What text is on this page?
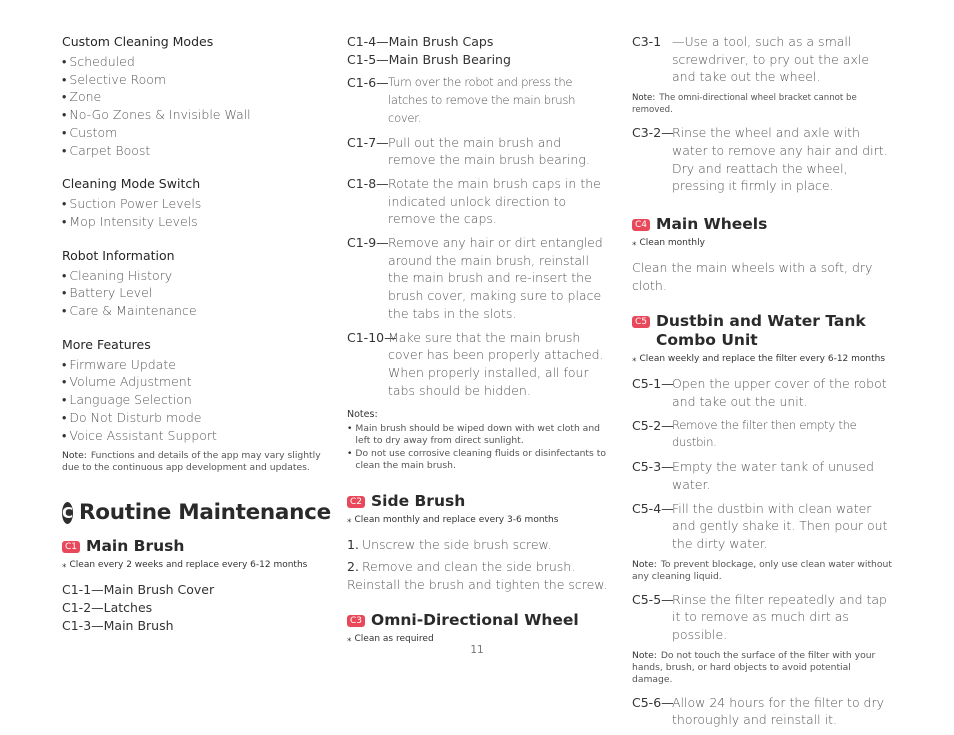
Custom Cleaning Modes
• Scheduled
• Selective Room
• Zone
• No-Go Zones & Invisible Wall
• Custom
• Carpet Boost
Cleaning Mode Switch
• Suction Power Levels
• Mop Intensity Levels
Robot Information
• Cleaning History
• Battery Level
• Care & Maintenance
More Features
• Firmware Update
• Volume Adjustment
• Language Selection
• Do Not Disturb mode
• Voice Assistant Support

Note: Functions and details of the app may vary slightly due to the continuous app development and updates.

C Routine Maintenance
C1 Main Brush
⁎ Clean every 2 weeks and replace every 6-12 months

C1-1—Main Brush Cover

C1-2—Latches

C1-3—Main Brush

C1-4—Main Brush Caps

C1-5—Main Brush Bearing

C1-6— Turn over the robot and press the latches to remove the main brush cover.
C1-7— Pull out the main brush and remove the main brush bearing.
C1-8— Rotate the main brush caps in the indicated unlock direction to remove the caps.
C1-9— Remove any hair or dirt entangled around the main brush, reinstall the main brush and re-insert the brush cover, making sure to place the tabs in the slots.
C1-10—
Make sure that the main brush cover has been properly attached. When properly installed, all four tabs should be hidden.
Notes:
• Main brush should be wiped down with wet cloth and left to dry away from direct sunlight.
• Do not use corrosive cleaning fluids or disinfectants to clean the main brush.
C2 Side Brush
⁎ Clean monthly and replace every 3-6 months

1. Unscrew the side brush screw.

2. Remove and clean the side brush. Reinstall the brush and tighten the screw.

C3 Omni-Directional Wheel
⁎ Clean as required
C3-1 —Use a tool, such as a small screwdriver, to pry out the axle and take out the wheel.

Note: The omni-directional wheel bracket cannot be removed.

C3-2—
Rinse the wheel and axle with water to remove any hair and dirt. Dry and reattach the wheel, pressing it firmly in place.
C4 Main Wheels
⁎ Clean monthly

Clean the main wheels with a soft, dry cloth.

C5 Dustbin and Water Tank Combo Unit
⁎ Clean weekly and replace the filter every 6-12 months
C5-1—
Open the upper cover of the robot and take out the unit.
C5-2—
Remove the filter then empty the dustbin.
C5-3—
Empty the water tank of unused water.
C5-4—
Fill the dustbin with clean water and gently shake it. Then pour out the dirty water.

Note: To prevent blockage, only use clean water without any cleaning liquid.

C5-5—
Rinse the filter repeatedly and tap it to remove as much dirt as possible.

Note: Do not touch the surface of the filter with your hands, brush, or hard objects to avoid potential damage.

C5-6—
Allow 24 hours for the filter to dry thoroughly and reinstall it.
11
